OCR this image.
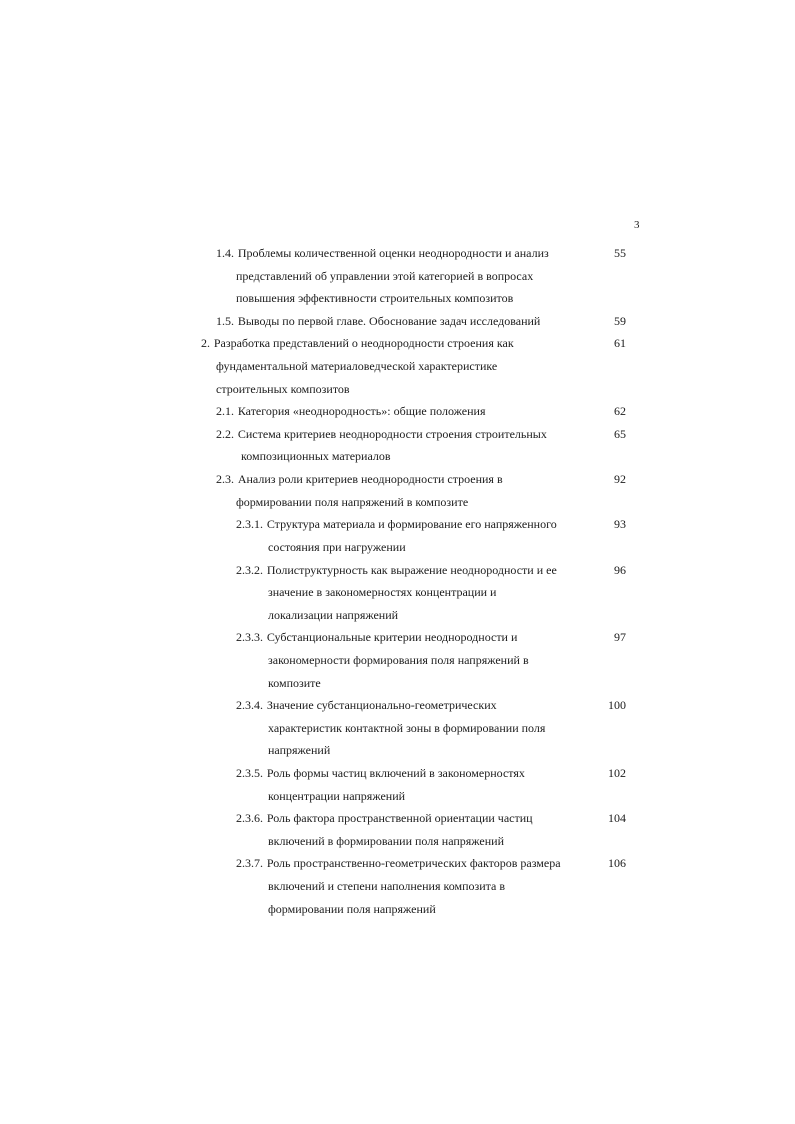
3
1.4. Проблемы количественной оценки неоднородности и анализ	55
представлений об управлении этой категорией в вопросах
повышения эффективности строительных композитов
1.5. Выводы по первой главе. Обоснование задач исследований	59
2. Разработка представлений о неоднородности строения как	61
фундаментальной материаловедческой характеристике
строительных композитов
2.1. Категория «неоднородность»: общие положения	62
2.2. Система критериев неоднородности строения строительных	65
композиционных материалов
2.3. Анализ роли критериев неоднородности строения в	92
формировании поля напряжений в композите
2.3.1. Структура материала и формирование его напряженного	93
состояния при нагружении
2.3.2. Полиструктурность как выражение неоднородности и ее	96
значение в закономерностях концентрации и
локализации напряжений
2.3.3. Субстанциональные критерии неоднородности и	97
закономерности формирования поля напряжений в
композите
2.3.4. Значение субстанционально-геометрических	100
характеристик контактной зоны в формировании поля
напряжений
2.3.5. Роль формы частиц включений в закономерностях	102
концентрации напряжений
2.3.6. Роль фактора пространственной ориентации частиц	104
включений в формировании поля напряжений
2.3.7. Роль пространственно-геометрических факторов размера	106
включений и степени наполнения композита в
формировании поля напряжений
